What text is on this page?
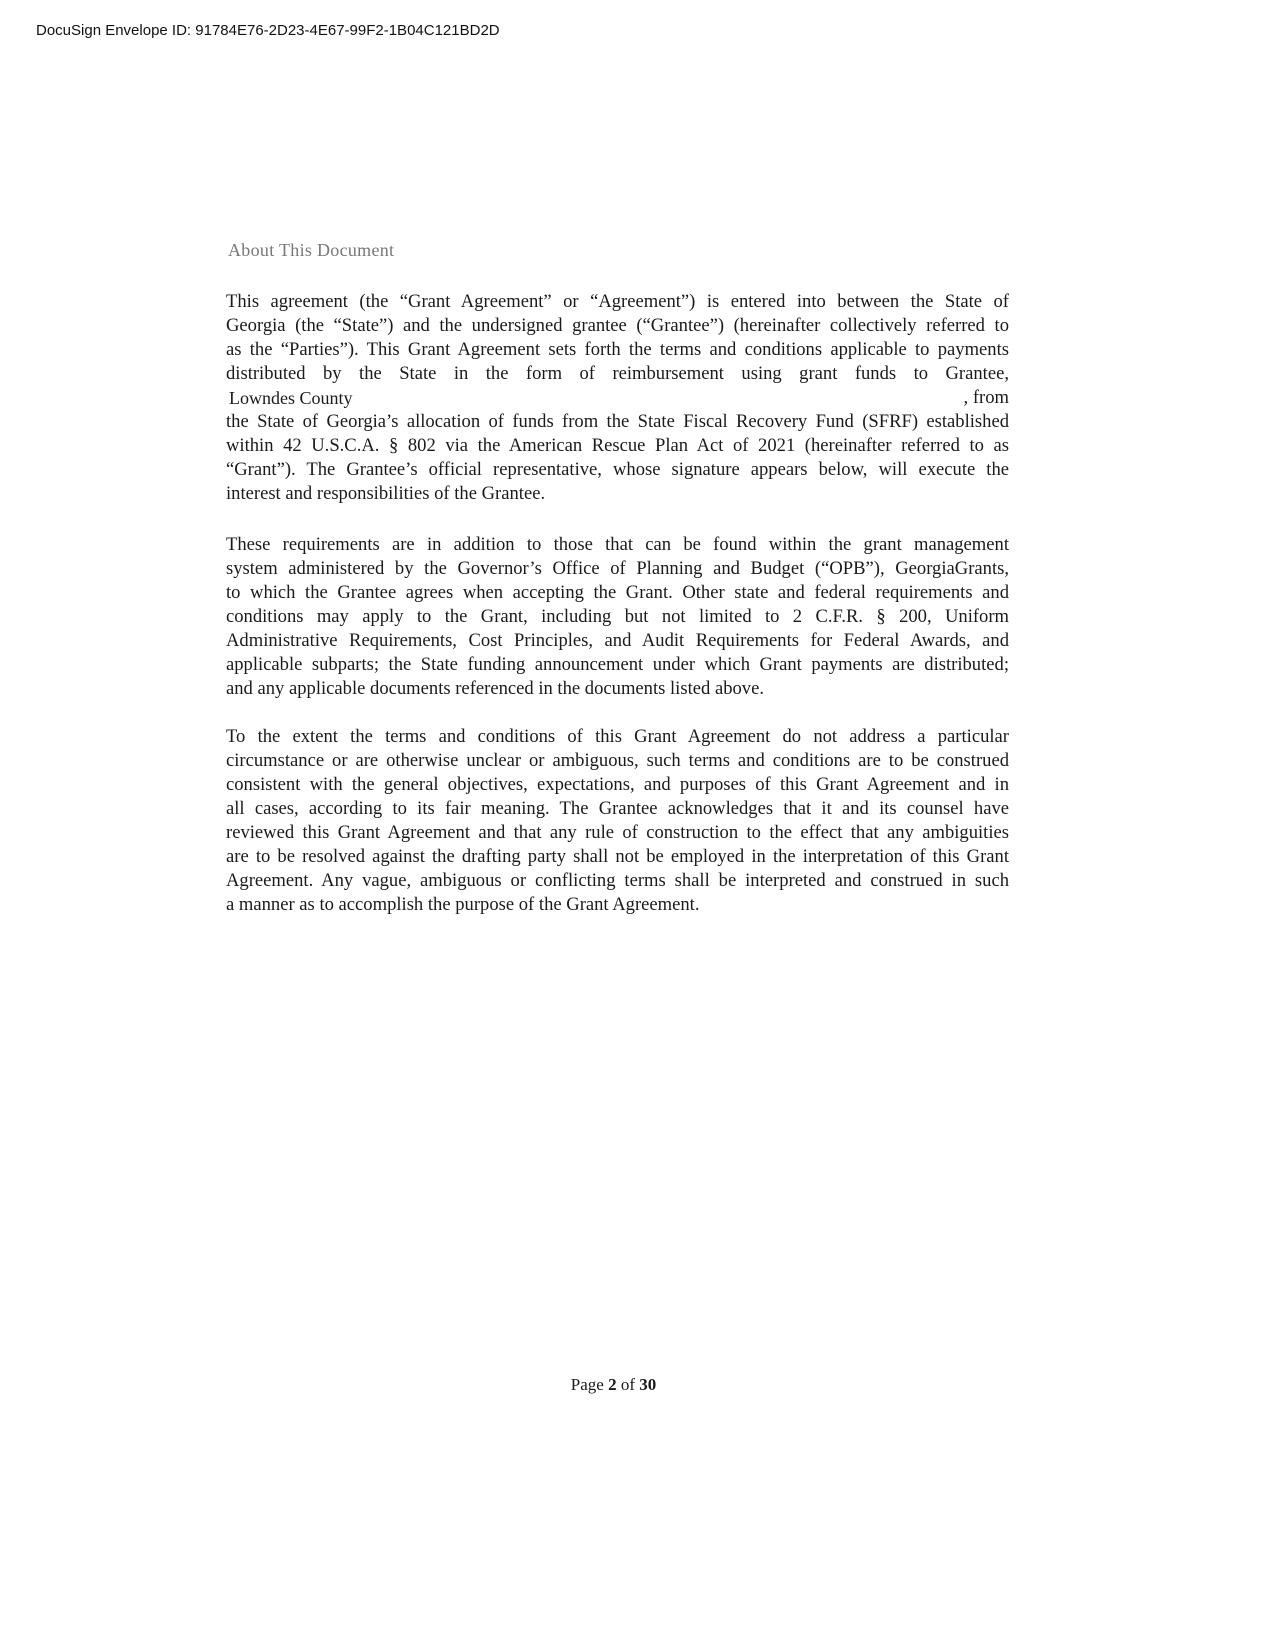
DocuSign Envelope ID: 91784E76-2D23-4E67-99F2-1B04C121BD2D
About This Document
This agreement (the “Grant Agreement” or “Agreement”) is entered into between the State of
Georgia (the “State”) and the undersigned grantee (“Grantee”) (hereinafter collectively referred to
as the “Parties”). This Grant Agreement sets forth the terms and conditions applicable to payments
distributed by the State in the form of reimbursement using grant funds to Grantee,
Lowndes County	, from
the State of Georgia’s allocation of funds from the State Fiscal Recovery Fund (SFRF) established
within 42 U.S.C.A. § 802 via the American Rescue Plan Act of 2021 (hereinafter referred to as
“Grant”). The Grantee’s official representative, whose signature appears below, will execute the
interest and responsibilities of the Grantee.
These requirements are in addition to those that can be found within the grant management
system administered by the Governor’s Office of Planning and Budget (“OPB”), GeorgiaGrants,
to which the Grantee agrees when accepting the Grant. Other state and federal requirements and
conditions may apply to the Grant, including but not limited to 2 C.F.R. § 200, Uniform
Administrative Requirements, Cost Principles, and Audit Requirements for Federal Awards, and
applicable subparts; the State funding announcement under which Grant payments are distributed;
and any applicable documents referenced in the documents listed above.
To the extent the terms and conditions of this Grant Agreement do not address a particular
circumstance or are otherwise unclear or ambiguous, such terms and conditions are to be construed
consistent with the general objectives, expectations, and purposes of this Grant Agreement and in
all cases, according to its fair meaning. The Grantee acknowledges that it and its counsel have
reviewed this Grant Agreement and that any rule of construction to the effect that any ambiguities
are to be resolved against the drafting party shall not be employed in the interpretation of this Grant
Agreement. Any vague, ambiguous or conflicting terms shall be interpreted and construed in such
a manner as to accomplish the purpose of the Grant Agreement.
Page 2 of 30
